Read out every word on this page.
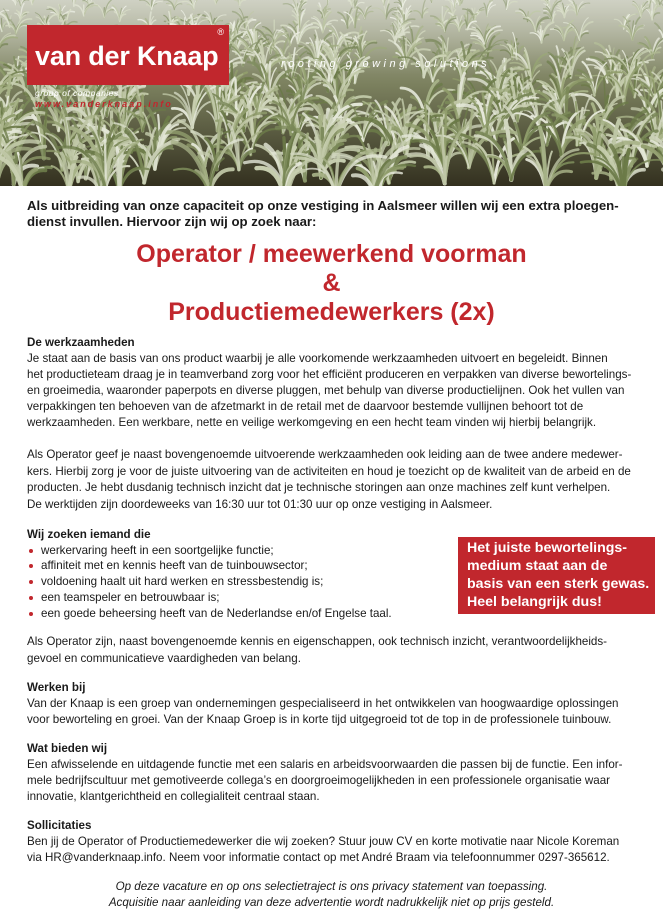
van der Knaap
®
rooting growing solutions
group of companies
www.vanderknaap.info
Als uitbreiding van onze capaciteit op onze vestiging in Aalsmeer willen wij een extra ploegen-
dienst invullen. Hiervoor zijn wij op zoek naar:
Operator / meewerkend voorman
&
Productiemedewerkers (2x)
De werkzaamheden
Je staat aan de basis van ons product waarbij je alle voorkomende werkzaamheden uitvoert en begeleidt. Binnen
het productieteam draag je in teamverband zorg voor het efficiënt produceren en verpakken van diverse bewortelings-
en groeimedia, waaronder paperpots en diverse pluggen, met behulp van diverse productielijnen. Ook het vullen van
verpakkingen ten behoeven van de afzetmarkt in de retail met de daarvoor bestemde vullijnen behoort tot de
werkzaamheden. Een werkbare, nette en veilige werkomgeving en een hecht team vinden wij hierbij belangrijk.
Als Operator geef je naast bovengenoemde uitvoerende werkzaamheden ook leiding aan de twee andere medewer-
kers. Hierbij zorg je voor de juiste uitvoering van de activiteiten en houd je toezicht op de kwaliteit van de arbeid en de
producten. Je hebt dusdanig technisch inzicht dat je technische storingen aan onze machines zelf kunt verhelpen.
De werktijden zijn doordeweeks van 16:30 uur tot 01:30 uur op onze vestiging in Aalsmeer.
Wij zoeken iemand die
werkervaring heeft in een soortgelijke functie;
affiniteit met en kennis heeft van de tuinbouwsector;
voldoening haalt uit hard werken en stressbestendig is;
een teamspeler en betrouwbaar is;
een goede beheersing heeft van de Nederlandse en/of Engelse taal.
Het juiste bewortelings-
medium staat aan de
basis van een sterk gewas.
Heel belangrijk dus!
Als Operator zijn, naast bovengenoemde kennis en eigenschappen, ook technisch inzicht, verantwoordelijkheids-
gevoel en communicatieve vaardigheden van belang.
Werken bij
Van der Knaap is een groep van ondernemingen gespecialiseerd in het ontwikkelen van hoogwaardige oplossingen
voor beworteling en groei. Van der Knaap Groep is in korte tijd uitgegroeid tot de top in de professionele tuinbouw.
Wat bieden wij
Een afwisselende en uitdagende functie met een salaris en arbeidsvoorwaarden die passen bij de functie. Een infor-
mele bedrijfscultuur met gemotiveerde collega’s en doorgroeimogelijkheden in een professionele organisatie waar
innovatie, klantgerichtheid en collegialiteit centraal staan.
Sollicitaties
Ben jij de Operator of Productiemedewerker die wij zoeken? Stuur jouw CV en korte motivatie naar Nicole Koreman
via HR@vanderknaap.info. Neem voor informatie contact op met André Braam via telefoonnummer 0297-365612.
Op deze vacature en op ons selectietraject is ons privacy statement van toepassing.
Acquisitie naar aanleiding van deze advertentie wordt nadrukkelijk niet op prijs gesteld.
